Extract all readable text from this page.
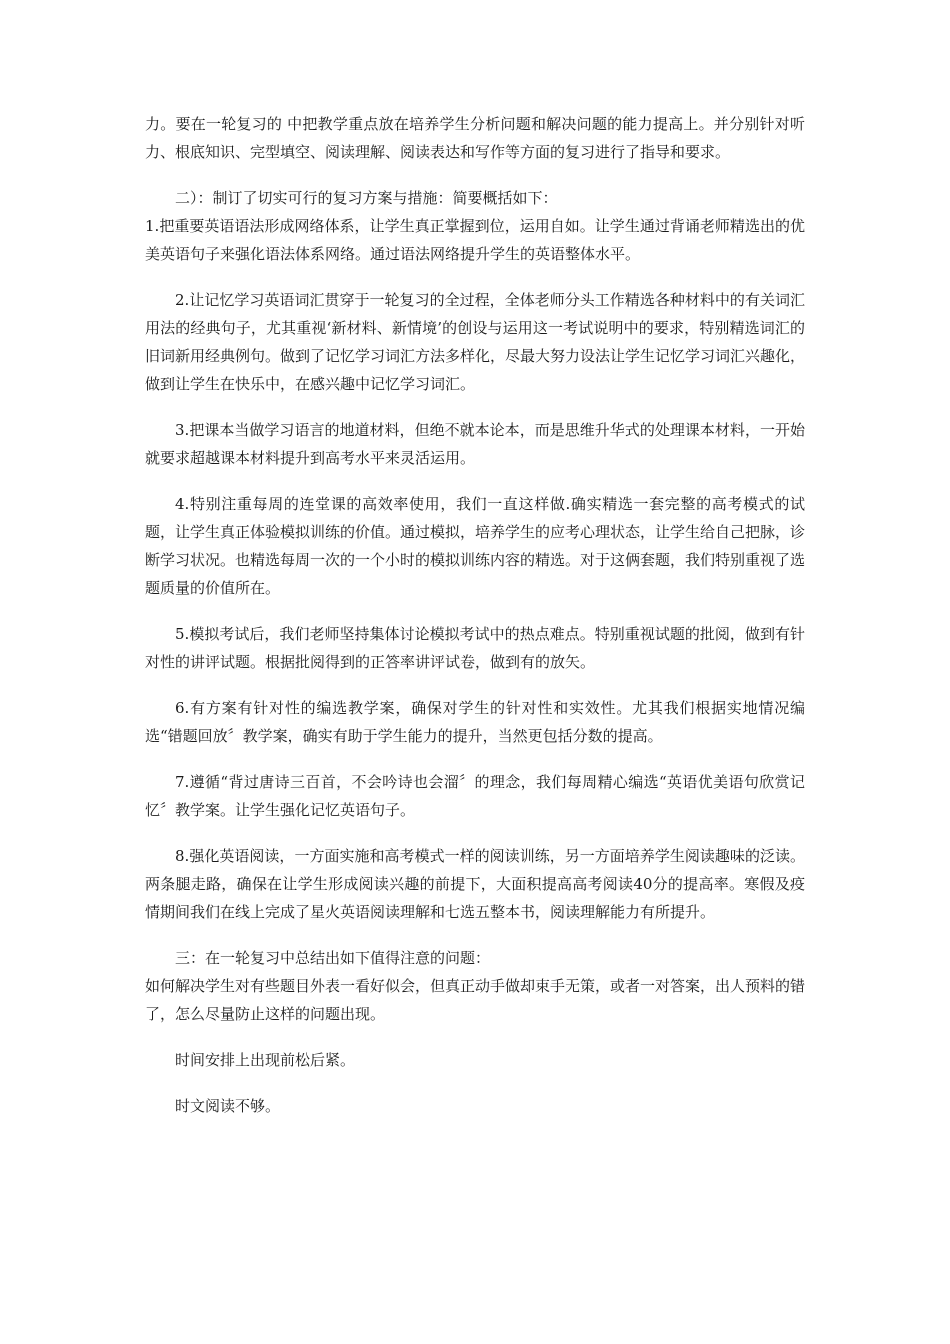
力。要在一轮复习的 中把教学重点放在培养学生分析问题和解决问题的能力提高上。并分别针对听力、根底知识、完型填空、阅读理解、阅读表达和写作等方面的复习进行了指导和要求。

二）：制订了切实可行的复习方案与措施：简要概括如下：

1.把重要英语语法形成网络体系，让学生真正掌握到位，运用自如。让学生通过背诵老师精选出的优美英语句子来强化语法体系网络。通过语法网络提升学生的英语整体水平。

2.让记忆学习英语词汇贯穿于一轮复习的全过程，全体老师分头工作精选各种材料中的有关词汇用法的经典句子，尤其重视‘新材料、新情境’的创设与运用这一考试说明中的要求，特别精选词汇的旧词新用经典例句。做到了记忆学习词汇方法多样化，尽最大努力设法让学生记忆学习词汇兴趣化，做到让学生在快乐中，在感兴趣中记忆学习词汇。

3.把课本当做学习语言的地道材料，但绝不就本论本，而是思维升华式的处理课本材料，一开始就要求超越课本材料提升到高考水平来灵活运用。

4.特别注重每周的连堂课的高效率使用，我们一直这样做.确实精选一套完整的高考模式的试题，让学生真正体验模拟训练的价值。通过模拟，培养学生的应考心理状态，让学生给自己把脉，诊断学习状况。也精选每周一次的一个小时的模拟训练内容的精选。对于这俩套题，我们特别重视了选题质量的价值所在。

5.模拟考试后，我们老师坚持集体讨论模拟考试中的热点难点。特别重视试题的批阅，做到有针对性的讲评试题。根据批阅得到的正答率讲评试卷，做到有的放矢。

6.有方案有针对性的编选教学案，确保对学生的针对性和实效性。尤其我们根据实地情况编选“错题回放〞教学案，确实有助于学生能力的提升，当然更包括分数的提高。

7.遵循“背过唐诗三百首，不会吟诗也会溜〞的理念，我们每周精心编选“英语优美语句欣赏记忆〞教学案。让学生强化记忆英语句子。

8.强化英语阅读，一方面实施和高考模式一样的阅读训练，另一方面培养学生阅读趣味的泛读。两条腿走路，确保在让学生形成阅读兴趣的前提下，大面积提高高考阅读40分的提高率。寒假及疫情期间我们在线上完成了星火英语阅读理解和七选五整本书，阅读理解能力有所提升。

三：在一轮复习中总结出如下值得注意的问题：

如何解决学生对有些题目外表一看好似会，但真正动手做却束手无策，或者一对答案，出人预料的错了，怎么尽量防止这样的问题出现。

时间安排上出现前松后紧。

时文阅读不够。
